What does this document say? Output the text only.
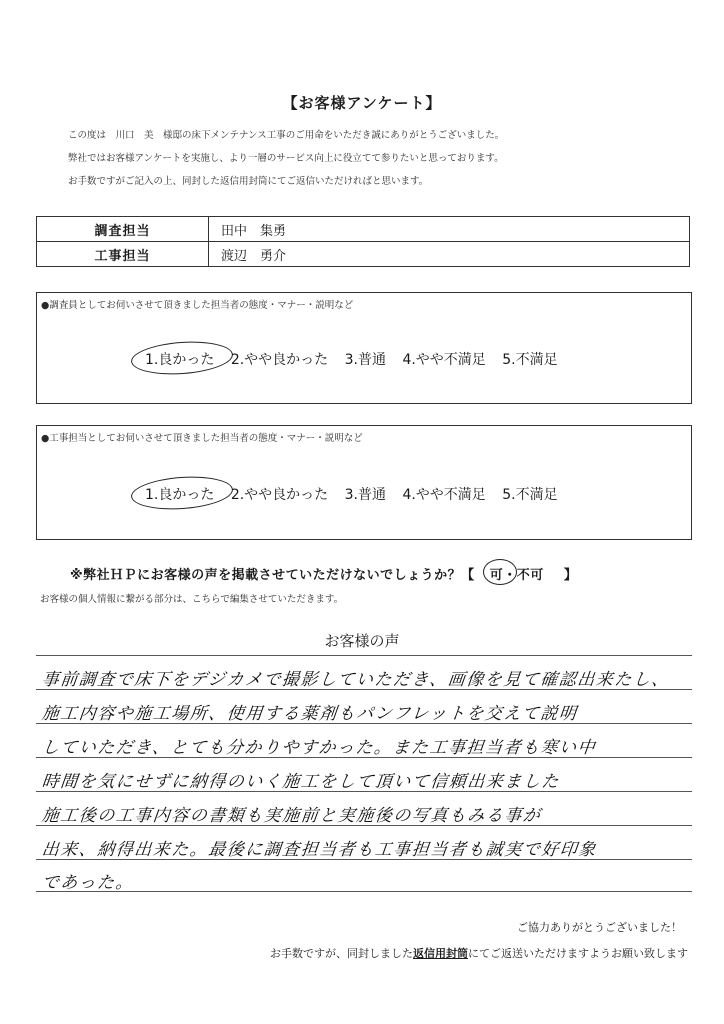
【お客様アンケート】
この度は　川口　美　様邸の床下メンテナンス工事のご用命をいただき誠にありがとうございました。
弊社ではお客様アンケートを実施し、より一層のサービス向上に役立てて参りたいと思っております。
お手数ですがご記入の上、同封した返信用封筒にてご返信いただければと思います。
調査担当	田中　集勇
工事担当	渡辺　勇介
●調査員としてお伺いさせて頂きました担当者の態度・マナー・説明など
1.良かった 2.やや良かった 3.普通 4.やや不満足 5.不満足
●工事担当としてお伺いさせて頂きました担当者の態度・マナー・説明など
1.良かった 2.やや良かった 3.普通 4.やや不満足 5.不満足
※弊社ＨＰにお客様の声を掲載させていただけないでしょうか？【 可・不可 】
お客様の個人情報に繋がる部分は、こちらで編集させていただきます。
お客様の声
事前調査で床下をデジカメで撮影していただき、画像を見て確認出来たし、
施工内容や施工場所、使用する薬剤もパンフレットを交えて説明
していただき、とても分かりやすかった。また工事担当者も寒い中
時間を気にせずに納得のいく施工をして頂いて信頼出来ました
施工後の工事内容の書類も実施前と実施後の写真もみる事が
出来、納得出来た。最後に調査担当者も工事担当者も誠実で好印象
であった。
ご協力ありがとうございました！
お手数ですが、同封しました返信用封筒にてご返送いただけますようお願い致します
